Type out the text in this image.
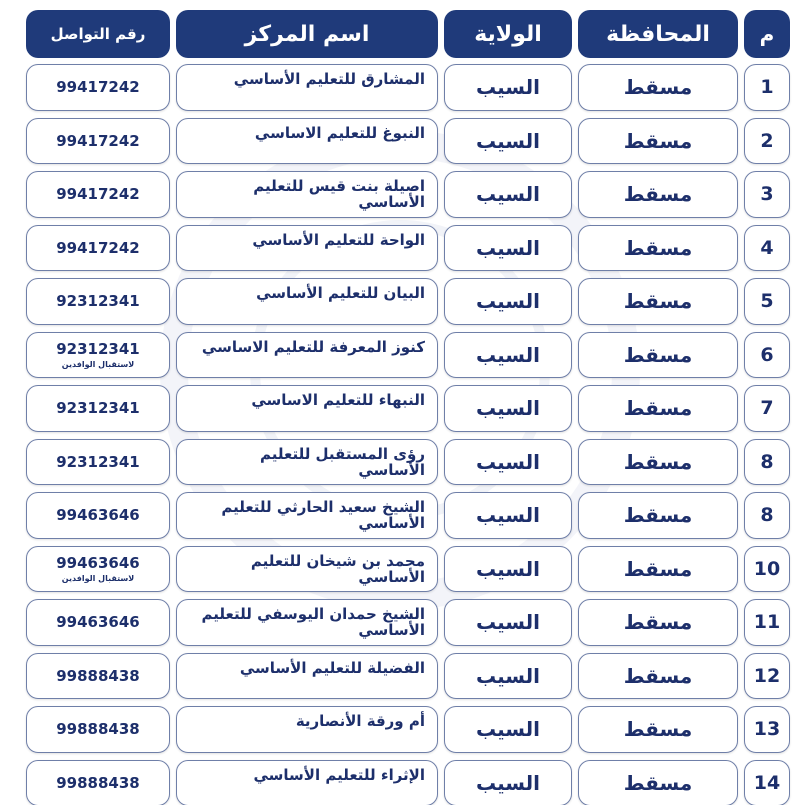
م
المحافظة
الولاية
اسم المركز
رقم التواصل
1
مسقط
السيب
المشارق للتعليم الأساسي
99417242
2
مسقط
السيب
النبوغ للتعليم الاساسي
99417242
3
مسقط
السيب
اصيلة بنت قيس للتعليم الأساسي
99417242
4
مسقط
السيب
الواحة للتعليم الأساسي
99417242
5
مسقط
السيب
البيان للتعليم الأساسي
92312341
6
مسقط
السيب
كنوز المعرفة للتعليم الاساسي
92312341
لاستقبال الوافدين
7
مسقط
السيب
النبهاء للتعليم الاساسي
92312341
8
مسقط
السيب
رؤى المستقبل للتعليم الأساسي
92312341
8
مسقط
السيب
الشيخ سعيد الحارثي للتعليم الأساسي
99463646
10
مسقط
السيب
محمد بن شيخان للتعليم الأساسي
99463646
لاستقبال الوافدين
11
مسقط
السيب
الشيخ حمدان اليوسفي للتعليم الأساسي
99463646
12
مسقط
السيب
الفضيلة للتعليم الأساسي
99888438
13
مسقط
السيب
أم ورقة الأنصارية
99888438
14
مسقط
السيب
الإثراء للتعليم الأساسي
99888438
